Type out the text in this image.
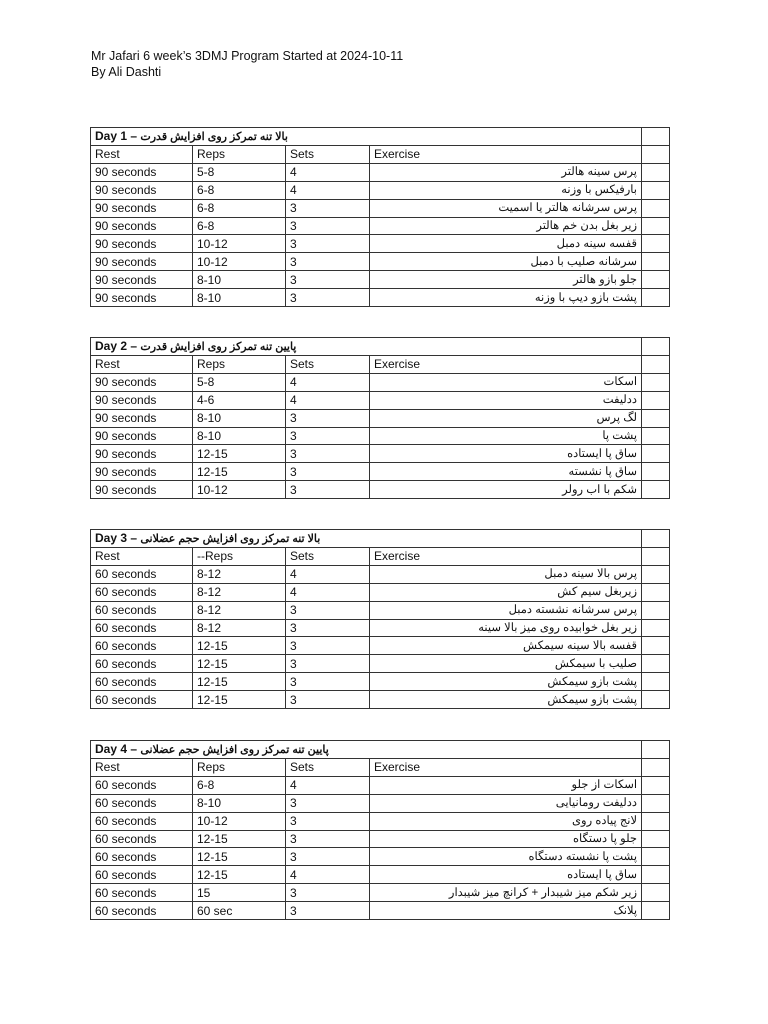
Mr Jafari 6 week’s 3DMJ Program Started at 2024-10-11
By Ali Dashti
Day 1 – بالا تنه تمرکز روی افزایش قدرت				
Rest	Reps	Sets	Exercise	
90 seconds	5-8	4	پرس سینه هالتر	
90 seconds	6-8	4	بارفیکس با وزنه	
90 seconds	6-8	3	پرس سرشانه هالتر یا اسمیت	
90 seconds	6-8	3	زیر بغل بدن خم هالتر	
90 seconds	10-12	3	قفسه سینه دمبل	
90 seconds	10-12	3	سرشانه صلیب با دمبل	
90 seconds	8-10	3	جلو بازو هالتر	
90 seconds	8-10	3	پشت بازو دیپ با وزنه	
Day 2 – پایین تنه تمرکز روی افزایش قدرت				
Rest	Reps	Sets	Exercise	
90 seconds	5-8	4	اسکات	
90 seconds	4-6	4	ددلیفت	
90 seconds	8-10	3	لگ پرس	
90 seconds	8-10	3	پشت پا	
90 seconds	12-15	3	ساق پا ایستاده	
90 seconds	12-15	3	ساق پا نشسته	
90 seconds	10-12	3	شکم با اب رولر	
Day 3 – بالا تنه تمرکز روی افزایش حجم عضلانی				
Rest	--Reps	Sets	Exercise	
60 seconds	8-12	4	پرس بالا سینه دمبل	
60 seconds	8-12	4	زیربغل سیم کش	
60 seconds	8-12	3	پرس سرشانه نشسته دمبل	
60 seconds	8-12	3	زیر بغل خوابیده روی میز بالا سینه	
60 seconds	12-15	3	قفسه بالا سینه سیمکش	
60 seconds	12-15	3	صلیب با سیمکش	
60 seconds	12-15	3	پشت بازو سیمکش	
60 seconds	12-15	3	پشت بازو سیمکش	
Day 4 – پایین تنه تمرکز روی افزایش حجم عضلانی				
Rest	Reps	Sets	Exercise	
60 seconds	6-8	4	اسکات از جلو	
60 seconds	8-10	3	ددلیفت رومانیایی	
60 seconds	10-12	3	لانج پیاده روی	
60 seconds	12-15	3	جلو پا دستگاه	
60 seconds	12-15	3	پشت پا نشسته دستگاه	
60 seconds	12-15	4	ساق پا ایستاده	
60 seconds	15	3	زیر شکم میز شیبدار + کرانچ میز شیبدار	
60 seconds	60 sec	3	پلانک	
